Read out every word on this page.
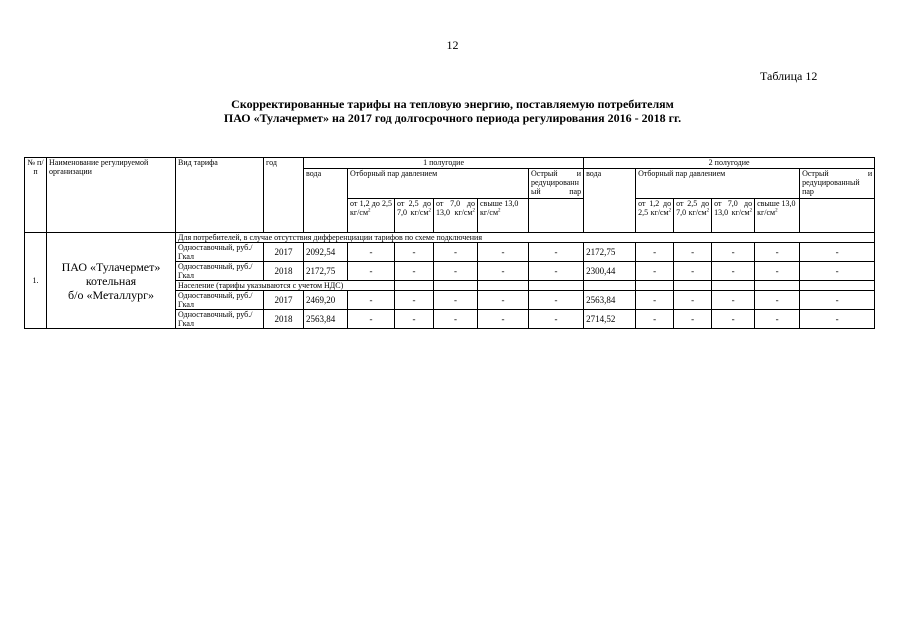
12
Таблица 12
Скорректированные тарифы на тепловую энергию, поставляемую потребителям
ПАО «Тулачермет» на 2017 год долгосрочного периода регулирования 2016 - 2018 гг.
№ п/п	Наименование регулируемой организации	Вид тарифа	год	1 полугодие						2 полугодие					
				вода	Отборный пар давлением				Острый и редуцированный пар	вода	Отборный пар давлением				Острый и редуцированный пар
					от 1,2 до 2,5 $кг/см^2$	от 2,5 до 7,0 $кг/см^2$	от 7,0 до 13,0 $кг/см^2$	свыше 13,0 $кг/см^2$			от 1,2 до 2,5 $кг/см^2$	от 2,5 до 7,0 $кг/см^2$	от 7,0 до 13,0 $кг/см^2$	свыше 13,0 $кг/см^2$	
1.	ПАО «Тулачермет»
котельная
б/о «Металлург»	Для потребителей, в случае отсутствия дифференциации тарифов по схеме подключения													
		Одноставочный, руб./Гкал	2017	2092,54	-	-	-	-	-	2172,75	-	-	-	-	-
		Одноставочный, руб./Гкал	2018	2172,75	-	-	-	-	-	2300,44	-	-	-	-	-
		Население (тарифы указываются с учетом НДС)													
		Одноставочный, руб./Гкал	2017	2469,20	-	-	-	-	-	2563,84	-	-	-	-	-
		Одноставочный, руб./Гкал	2018	2563,84	-	-	-	-	-	2714,52	-	-	-	-	-
